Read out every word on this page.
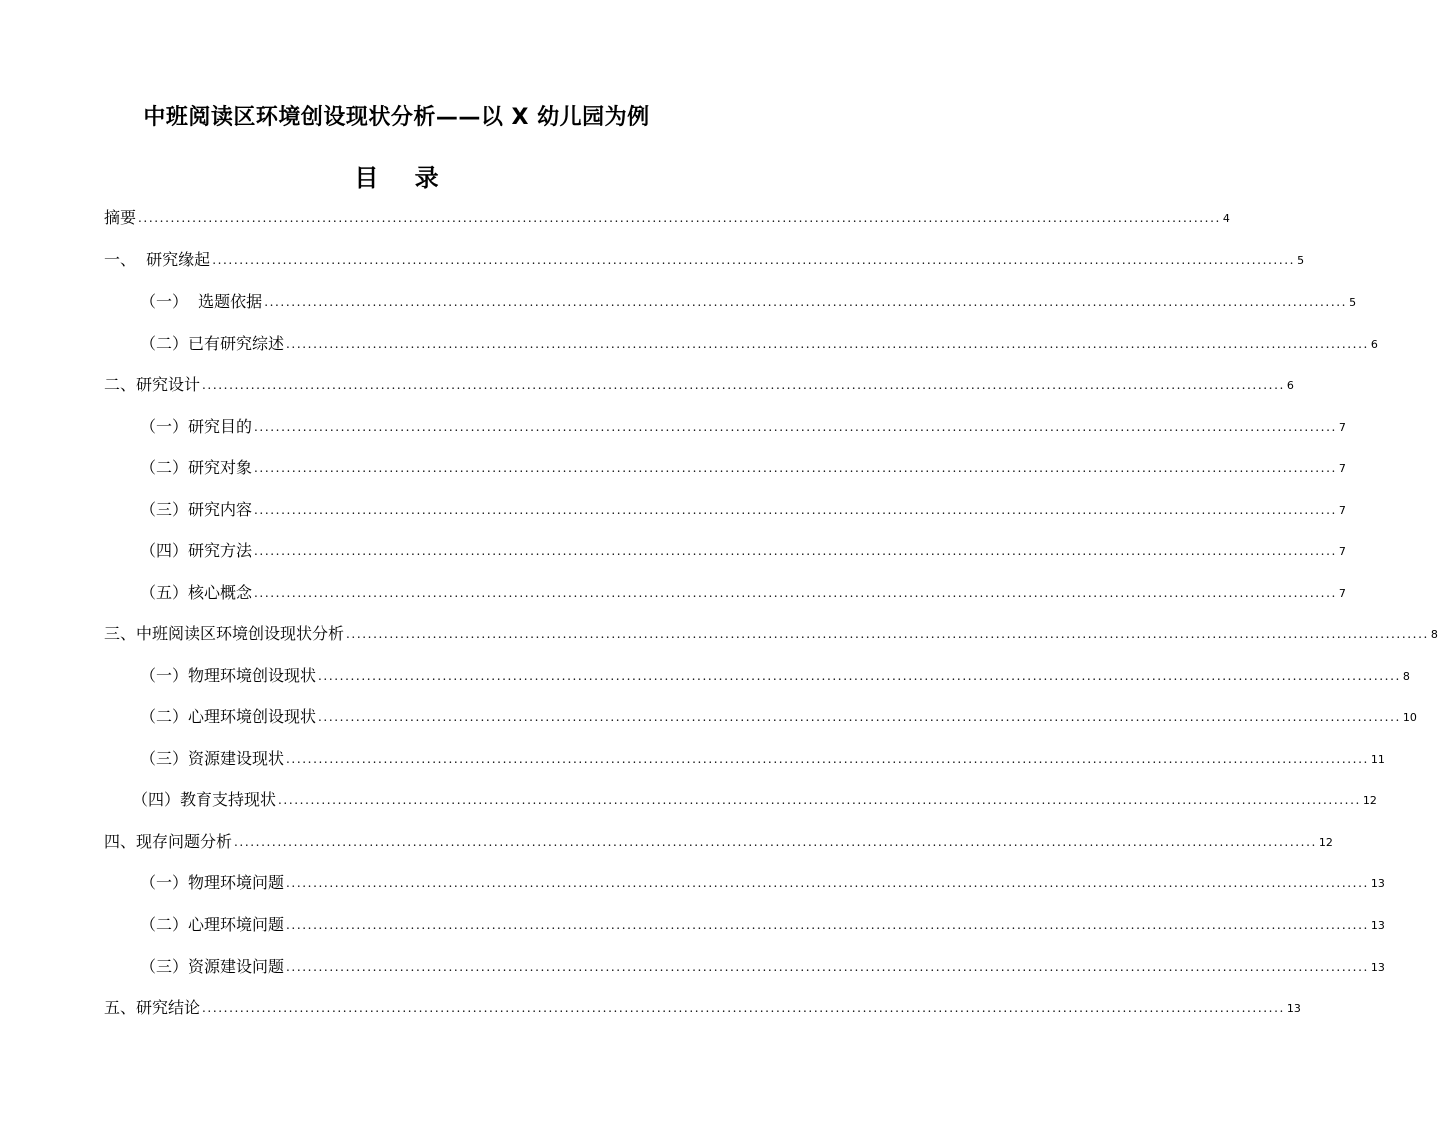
中班阅读区环境创设现状分析——以 X 幼儿园为例
目 录
摘要 ........................................................................................................................................................................................................ 4
一、  研究缘起 ........................................................................................................................................................................................................ 5
（一）  选题依据 ........................................................................................................................................................................................................ 5
（二）已有研究综述 ........................................................................................................................................................................................................ 6
二、研究设计 ........................................................................................................................................................................................................ 6
（一）研究目的 ........................................................................................................................................................................................................ 7
（二）研究对象 ........................................................................................................................................................................................................ 7
（三）研究内容 ........................................................................................................................................................................................................ 7
（四）研究方法 ........................................................................................................................................................................................................ 7
（五）核心概念 ........................................................................................................................................................................................................ 7
三、中班阅读区环境创设现状分析 ........................................................................................................................................................................................................ 8
（一）物理环境创设现状 ........................................................................................................................................................................................................ 8
（二）心理环境创设现状 ........................................................................................................................................................................................................ 10
（三）资源建设现状 ........................................................................................................................................................................................................ 11
（四）教育支持现状 ........................................................................................................................................................................................................ 12
四、现存问题分析 ........................................................................................................................................................................................................ 12
（一）物理环境问题 ........................................................................................................................................................................................................ 13
（二）心理环境问题 ........................................................................................................................................................................................................ 13
（三）资源建设问题 ........................................................................................................................................................................................................ 13
五、研究结论 ........................................................................................................................................................................................................ 13
